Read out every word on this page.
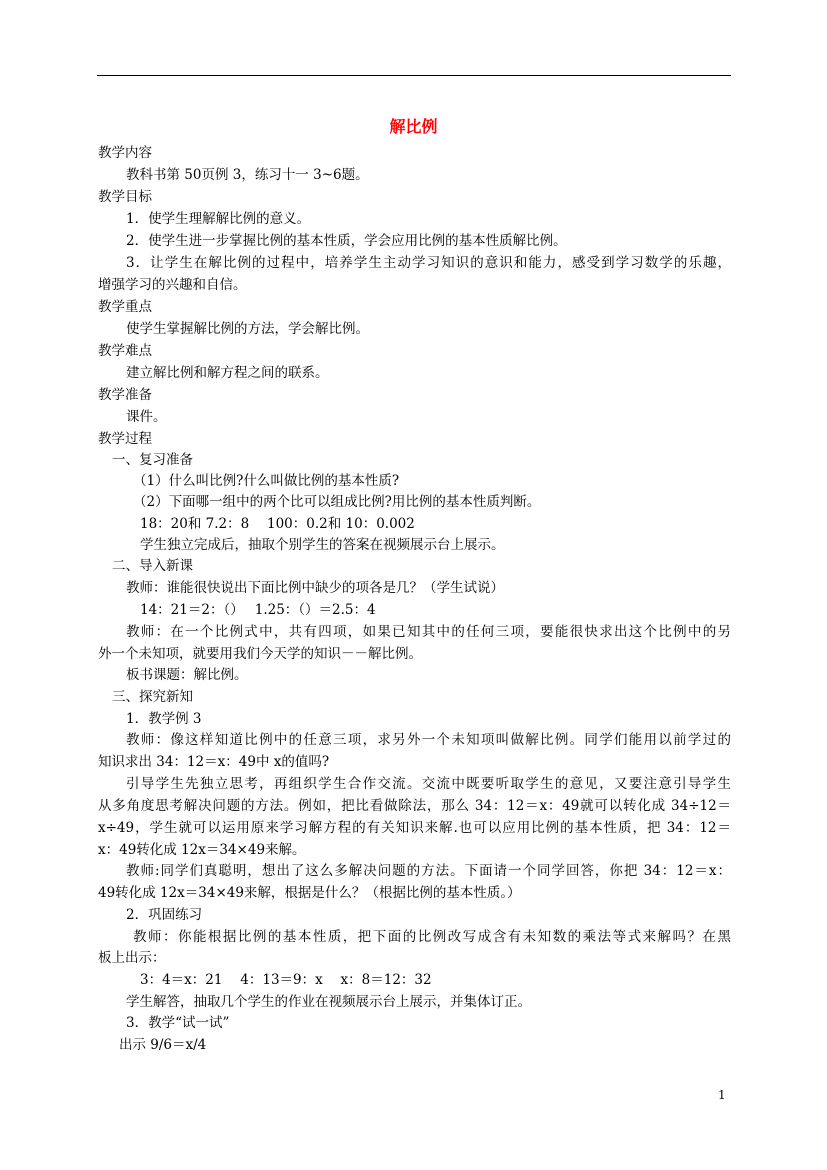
解比例
教学内容
教科书第 50页例 3，练习十一 3~6题。
教学目标
1．使学生理解解比例的意义。
2．使学生进一步掌握比例的基本性质，学会应用比例的基本性质解比例。
3．让学生在解比例的过程中，培养学生主动学习知识的意识和能力，感受到学习数学的乐趣，
增强学习的兴趣和自信。
教学重点
使学生掌握解比例的方法，学会解比例。
教学难点
建立解比例和解方程之间的联系。
教学准备
课件。
教学过程
一、复习准备
（1）什么叫比例?什么叫做比例的基本性质?
（2）下面哪一组中的两个比可以组成比例?用比例的基本性质判断。
18：20和 7.2：8　 100：0.2和 10：0.002
学生独立完成后，抽取个别学生的答案在视频展示台上展示。
二、导入新课
教师：谁能很快说出下面比例中缺少的项各是几？（学生试说）
14：21＝2：（）　 1.25：（）＝2.5：4
教师：在一个比例式中，共有四项，如果已知其中的任何三项，要能很快求出这个比例中的另
外一个未知项，就要用我们今天学的知识－－解比例。
板书课题：解比例。
三、探究新知
1．教学例 3
教师：像这样知道比例中的任意三项，求另外一个未知项叫做解比例。同学们能用以前学过的
知识求出 34：12＝x：49中 x的值吗?
引导学生先独立思考，再组织学生合作交流。交流中既要听取学生的意见，又要注意引导学生
从多角度思考解决问题的方法。例如，把比看做除法，那么 34：12＝x：49就可以转化成 34÷12＝
x÷49，学生就可以运用原来学习解方程的有关知识来解.也可以应用比例的基本性质，把 34：12＝
x：49转化成 12x＝34×49来解。
教师:同学们真聪明，想出了这么多解决问题的方法。下面请一个同学回答，你把 34：12＝x：
49转化成 12x＝34×49来解，根据是什么？（根据比例的基本性质。）
2．巩固练习
教师：你能根据比例的基本性质，把下面的比例改写成含有未知数的乘法等式来解吗？在黑
板上出示：
3：4＝x：21　 4：13＝9：x　 x：8＝12：32
学生解答，抽取几个学生的作业在视频展示台上展示，并集体订正。
3．教学“试一试”
出示 9/6＝x/4
1
